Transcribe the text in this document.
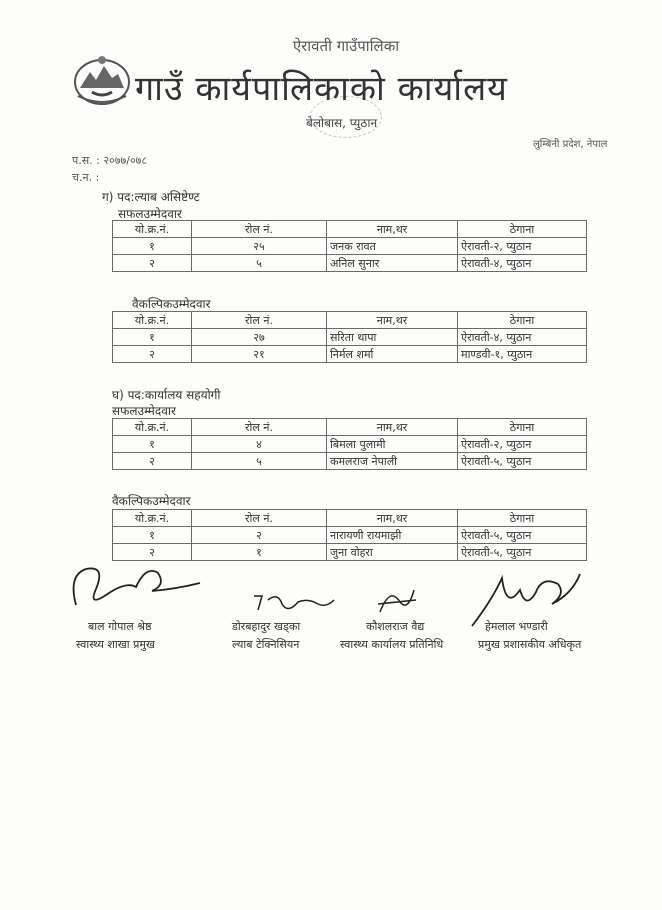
ऐरावती गाउँपालिका
गाउँ कार्यपालिकाको कार्यालय
बेलोबास, प्युठान
लुम्बिनी प्रदेश, नेपाल
प.स. : २०७७/०७८
च.न. :
ग) पद:ल्याब असिष्टेण्ट
सफलउम्मेदवार
यो.क्र.नं.	रोल नं.	नाम,थर	ठेगाना
१	२५	जनक रावत	ऐरावती-२, प्युठान
२	५	अनिल सुनार	ऐरावती-४, प्युठान
वैकल्पिकउम्मेदवार
यो.क्र.नं.	रोल नं.	नाम,थर	ठेगाना
१	२७	सरिता थापा	ऐरावती-४, प्युठान
२	२१	निर्मल शर्मा	माण्डवी-१, प्युठान
घ) पद:कार्यालय सहयोगी
सफलउम्मेदवार
यो.क्र.नं.	रोल नं.	नाम,थर	ठेगाना
१	४	बिमला पुलामी	ऐरावती-२, प्युठान
२	५	कमलराज नेपाली	ऐरावती-५, प्युठान
वैकल्पिकउम्मेदवार
यो.क्र.नं.	रोल नं.	नाम,थर	ठेगाना
१	२	नारायणी रायमाझी	ऐरावती-५, प्युठान
२	१	जुना वोहरा	ऐरावती-५, प्युठान
बाल गोपाल श्रेष्ठ
स्वास्थ्य शाखा प्रमुख
डोरबहादुर खड्का
ल्याब टेक्निसियन
कौशलराज वैद्य
स्वास्थ्य कार्यालय प्रतिनिधि
हेमलाल भण्डारी
प्रमुख प्रशासकीय अधिकृत
